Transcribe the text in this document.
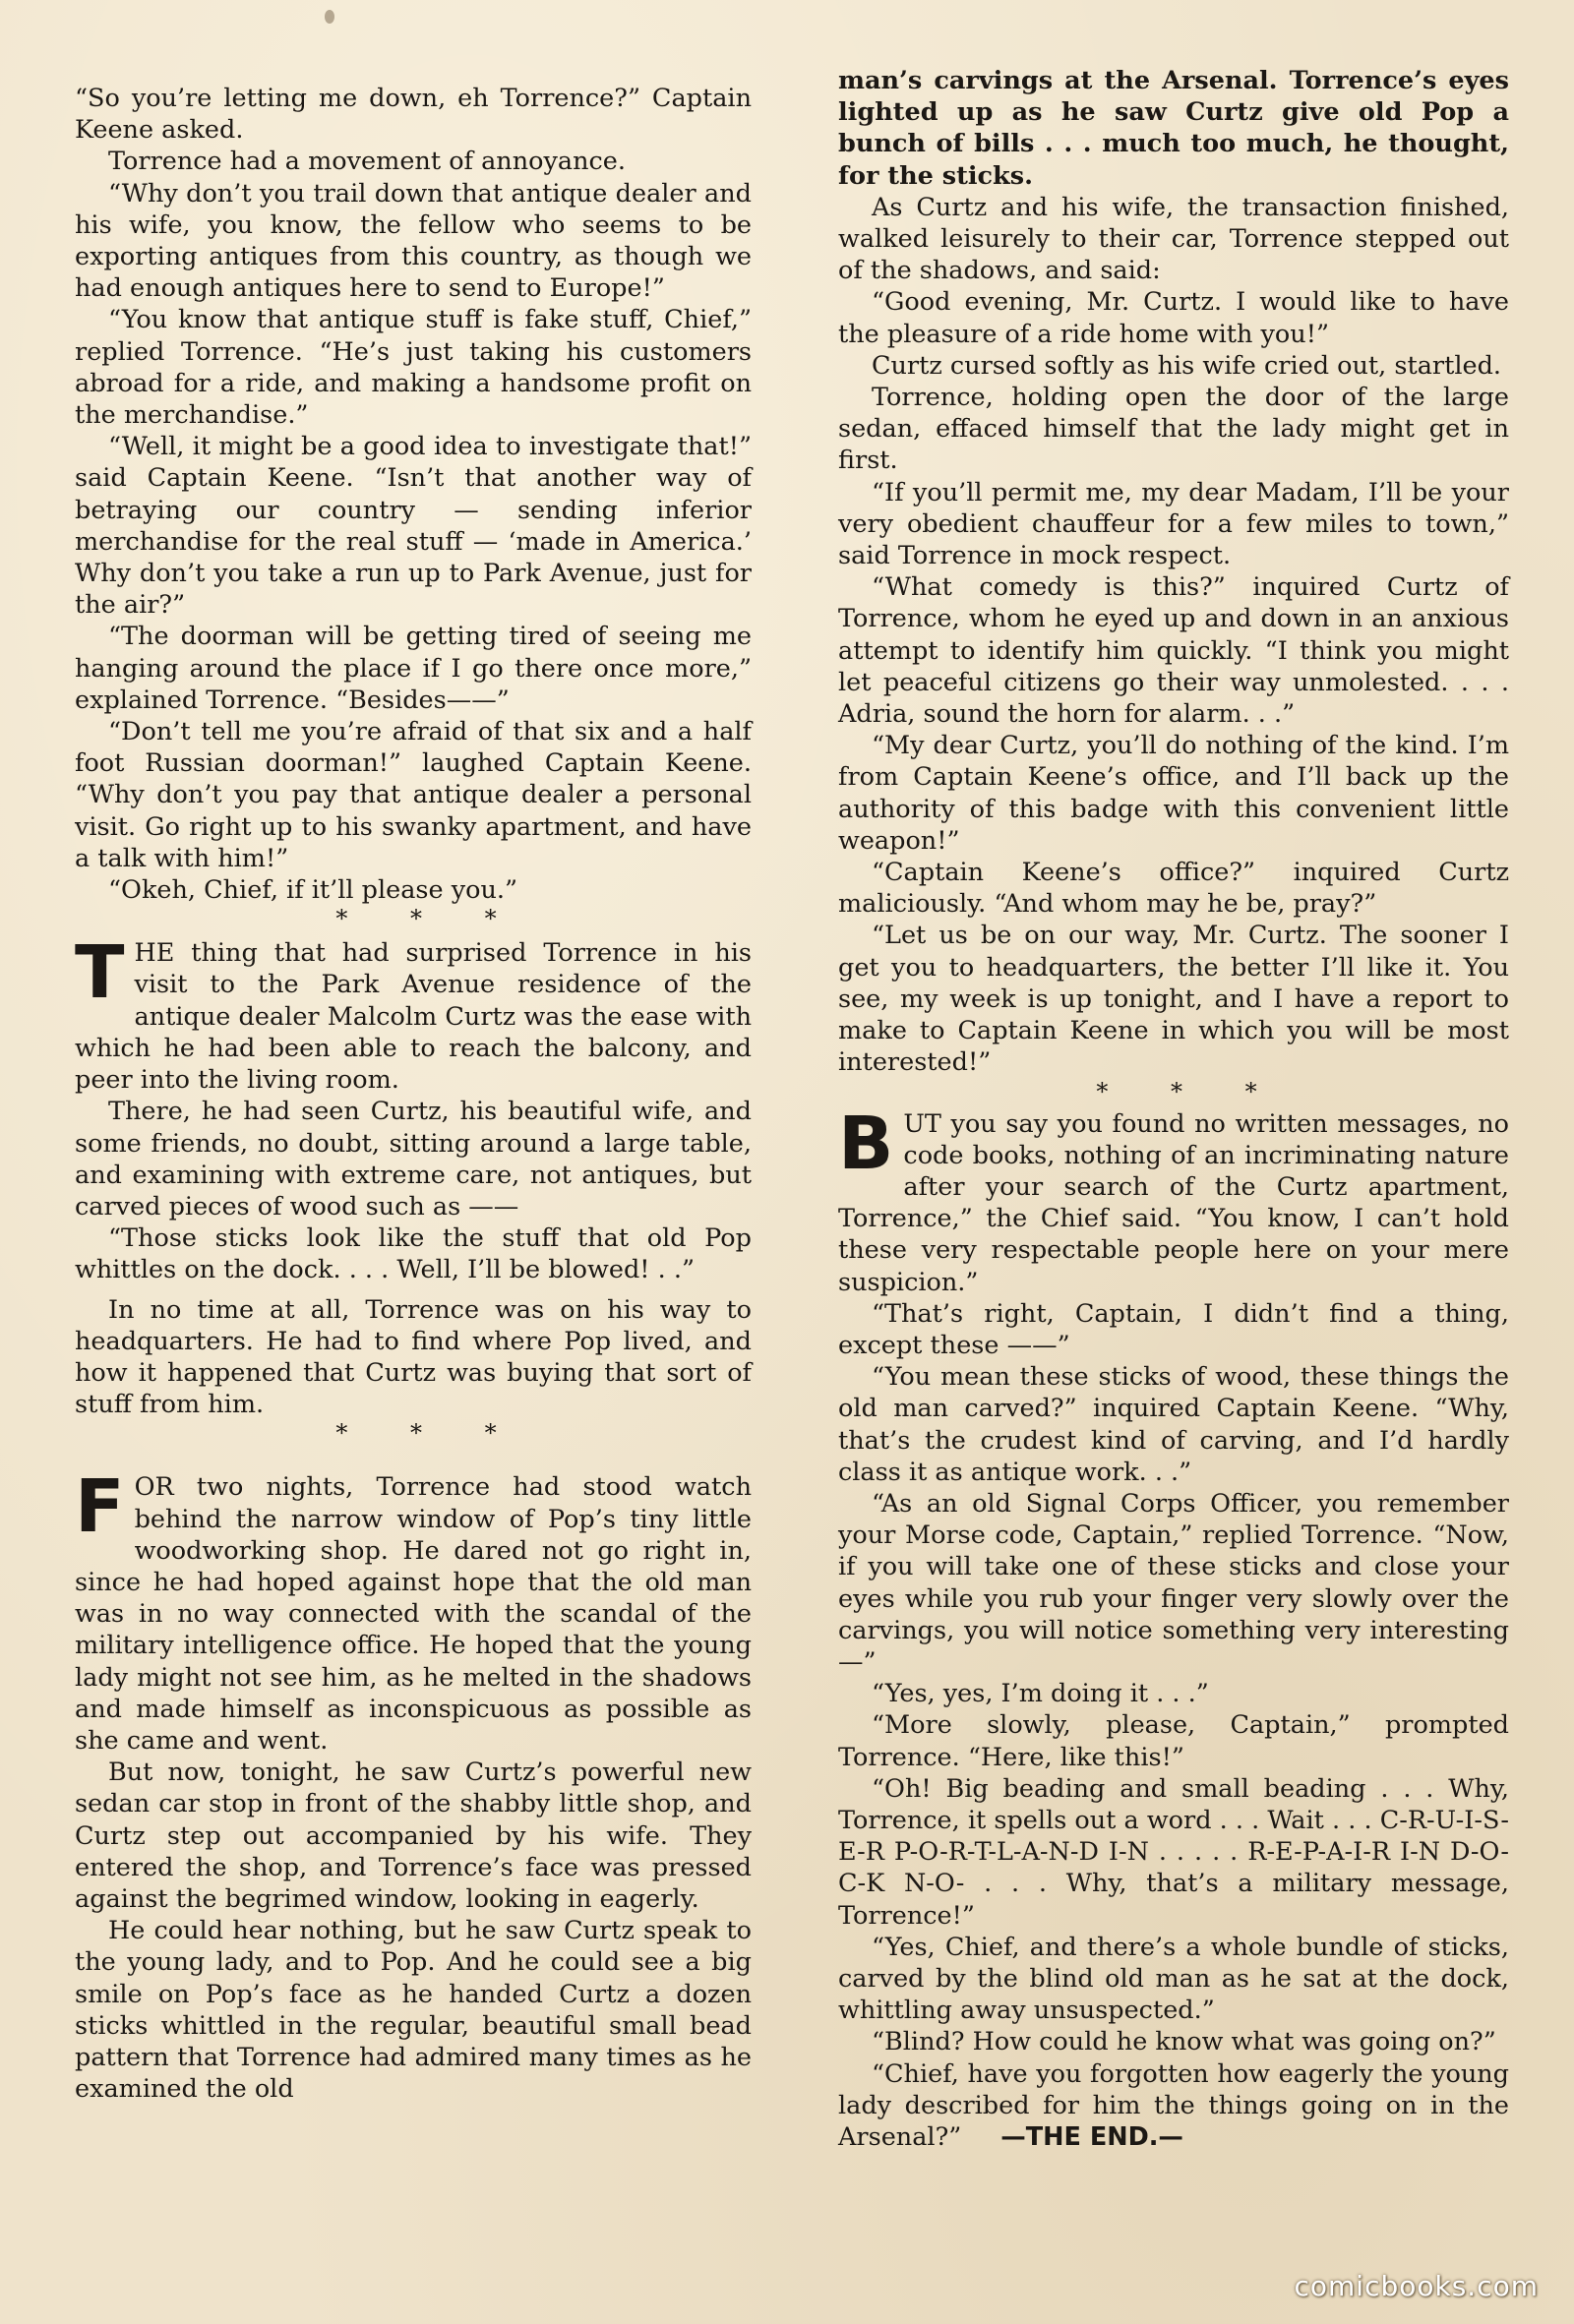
“So you’re letting me down, eh Torrence?” Captain Keene asked.

Torrence had a movement of annoyance.

“Why don’t you trail down that antique dealer and his wife, you know, the fellow who seems to be exporting antiques from this country, as though we had enough antiques here to send to Europe!”

“You know that antique stuff is fake stuff, Chief,” replied Torrence. “He’s just taking his customers abroad for a ride, and making a handsome profit on the merchandise.”

“Well, it might be a good idea to investigate that!” said Captain Keene. “Isn’t that another way of betraying our country — sending inferior merchandise for the real stuff — ‘made in America.’ Why don’t you take a run up to Park Avenue, just for the air?”

“The doorman will be getting tired of seeing me hanging around the place if I go there once more,” explained Torrence. “Besides——”

“Don’t tell me you’re afraid of that six and a half foot Russian doorman!” laughed Captain Keene. “Why don’t you pay that antique dealer a personal visit. Go right up to his swanky apartment, and have a talk with him!”

“Okeh, Chief, if it’ll please you.”

* * *

THE thing that had surprised Torrence in his visit to the Park Avenue residence of the antique dealer Malcolm Curtz was the ease with which he had been able to reach the balcony, and peer into the living room.

There, he had seen Curtz, his beautiful wife, and some friends, no doubt, sitting around a large table, and examining with extreme care, not antiques, but carved pieces of wood such as ——

“Those sticks look like the stuff that old Pop whittles on the dock. . . . Well, I’ll be blowed! . .”

In no time at all, Torrence was on his way to headquarters. He had to find where Pop lived, and how it happened that Curtz was buying that sort of stuff from him.

* * *

FOR two nights, Torrence had stood watch behind the narrow window of Pop’s tiny little woodworking shop. He dared not go right in, since he had hoped against hope that the old man was in no way connected with the scandal of the military intelligence office. He hoped that the young lady might not see him, as he melted in the shadows and made himself as inconspicuous as possible as she came and went.

But now, tonight, he saw Curtz’s powerful new sedan car stop in front of the shabby little shop, and Curtz step out accompanied by his wife. They entered the shop, and Torrence’s face was pressed against the begrimed window, looking in eagerly.

He could hear nothing, but he saw Curtz speak to the young lady, and to Pop. And he could see a big smile on Pop’s face as he handed Curtz a dozen sticks whittled in the regular, beautiful small bead pattern that Torrence had admired many times as he examined the old

man’s carvings at the Arsenal. Torrence’s eyes lighted up as he saw Curtz give old Pop a bunch of bills . . . much too much, he thought, for the sticks.

As Curtz and his wife, the transaction finished, walked leisurely to their car, Torrence stepped out of the shadows, and said:

“Good evening, Mr. Curtz. I would like to have the pleasure of a ride home with you!”

Curtz cursed softly as his wife cried out, startled.

Torrence, holding open the door of the large sedan, effaced himself that the lady might get in first.

“If you’ll permit me, my dear Madam, I’ll be your very obedient chauffeur for a few miles to town,” said Torrence in mock respect.

“What comedy is this?” inquired Curtz of Torrence, whom he eyed up and down in an anxious attempt to identify him quickly. “I think you might let peaceful citizens go their way unmolested. . . . Adria, sound the horn for alarm. . .”

“My dear Curtz, you’ll do nothing of the kind. I’m from Captain Keene’s office, and I’ll back up the authority of this badge with this convenient little weapon!”

“Captain Keene’s office?” inquired Curtz maliciously. “And whom may he be, pray?”

“Let us be on our way, Mr. Curtz. The sooner I get you to headquarters, the better I’ll like it. You see, my week is up tonight, and I have a report to make to Captain Keene in which you will be most interested!”

* * *

BUT you say you found no written messages, no code books, nothing of an incriminating nature after your search of the Curtz apartment, Torrence,” the Chief said. “You know, I can’t hold these very respectable people here on your mere suspicion.”

“That’s right, Captain, I didn’t find a thing, except these ——”

“You mean these sticks of wood, these things the old man carved?” inquired Captain Keene. “Why, that’s the crudest kind of carving, and I’d hardly class it as antique work. . .”

“As an old Signal Corps Officer, you remember your Morse code, Captain,” replied Torrence. “Now, if you will take one of these sticks and close your eyes while you rub your finger very slowly over the carvings, you will notice something very interesting—”

“Yes, yes, I’m doing it . . .”

“More slowly, please, Captain,” prompted Torrence. “Here, like this!”

“Oh! Big beading and small beading . . . Why, Torrence, it spells out a word . . . Wait . . . C-R-U-I-S-E-R P-O-R-T-L-A-N-D I-N . . . . . R-E-P-A-I-R I-N D-O-C-K N-O- . . . Why, that’s a military message, Torrence!”

“Yes, Chief, and there’s a whole bundle of sticks, carved by the blind old man as he sat at the dock, whittling away unsuspected.”

“Blind? How could he know what was going on?”

“Chief, have you forgotten how eagerly the young lady described for him the things going on in the Arsenal?” —THE END.—

comicbooks.com
